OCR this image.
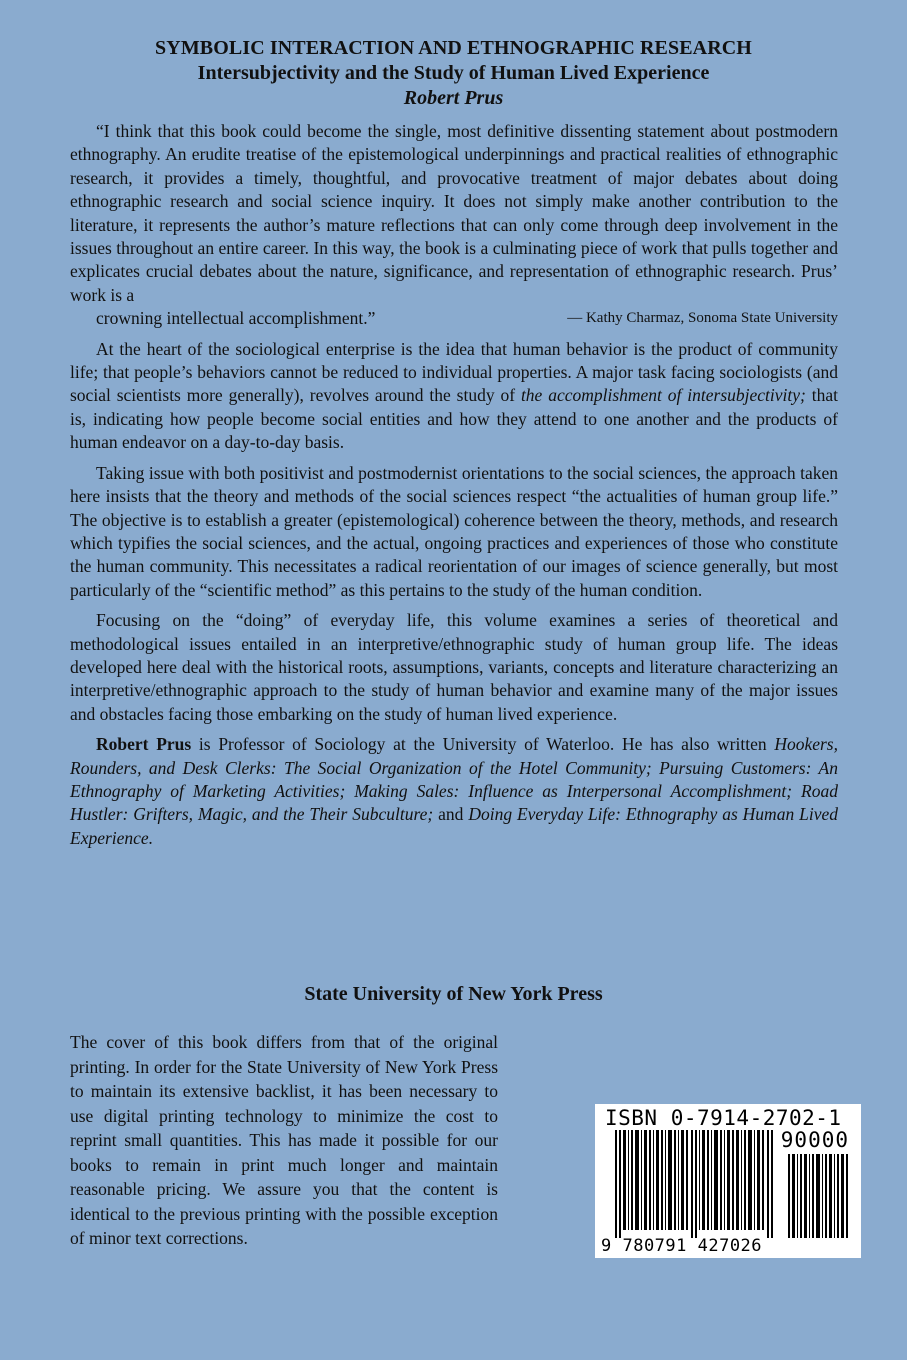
SYMBOLIC INTERACTION AND ETHNOGRAPHIC RESEARCH
Intersubjectivity and the Study of Human Lived Experience
Robert Prus

“I think that this book could become the single, most definitive dissenting statement about postmodern ethnography. An erudite treatise of the epistemological underpinnings and practical realities of ethnographic research, it provides a timely, thoughtful, and provocative treatment of major debates about doing ethnographic research and social science inquiry. It does not simply make another contribution to the literature, it represents the author’s mature reflections that can only come through deep involvement in the issues throughout an entire career. In this way, the book is a culminating piece of work that pulls together and explicates crucial debates about the nature, significance, and representation of ethnographic research. Prus’ work is a
crowning intellectual accomplishment.”	— Kathy Charmaz, Sonoma State University

At the heart of the sociological enterprise is the idea that human behavior is the product of community life; that people’s behaviors cannot be reduced to individual properties. A major task facing sociologists (and social scientists more generally), revolves around the study of the accomplishment of intersubjectivity; that is, indicating how people become social entities and how they attend to one another and the products of human endeavor on a day-to-day basis.

Taking issue with both positivist and postmodernist orientations to the social sciences, the approach taken here insists that the theory and methods of the social sciences respect “the actualities of human group life.” The objective is to establish a greater (epistemological) coherence between the theory, methods, and research which typifies the social sciences, and the actual, ongoing practices and experiences of those who constitute the human community. This necessitates a radical reorientation of our images of science generally, but most particularly of the “scientific method” as this pertains to the study of the human condition.

Focusing on the “doing” of everyday life, this volume examines a series of theoretical and methodological issues entailed in an interpretive/ethnographic study of human group life. The ideas developed here deal with the historical roots, assumptions, variants, concepts and literature characterizing an interpretive/ethnographic approach to the study of human behavior and examine many of the major issues and obstacles facing those embarking on the study of human lived experience.

Robert Prus is Professor of Sociology at the University of Waterloo. He has also written Hookers, Rounders, and Desk Clerks: The Social Organization of the Hotel Community; Pursuing Customers: An Ethnography of Marketing Activities; Making Sales: Influence as Interpersonal Accomplishment; Road Hustler: Grifters, Magic, and the Their Subculture; and Doing Everyday Life: Ethnography as Human Lived Experience.

State University of New York Press
The cover of this book differs from that of the original printing. In order for the State University of New York Press to maintain its extensive backlist, it has been necessary to use digital printing technology to minimize the cost to reprint small quantities. This has made it possible for our books to remain in print much longer and maintain reasonable pricing. We assure you that the content is identical to the previous printing with the possible exception of minor text corrections.
ISBN 0-7914-2702-1
90000
9 780791 427026
